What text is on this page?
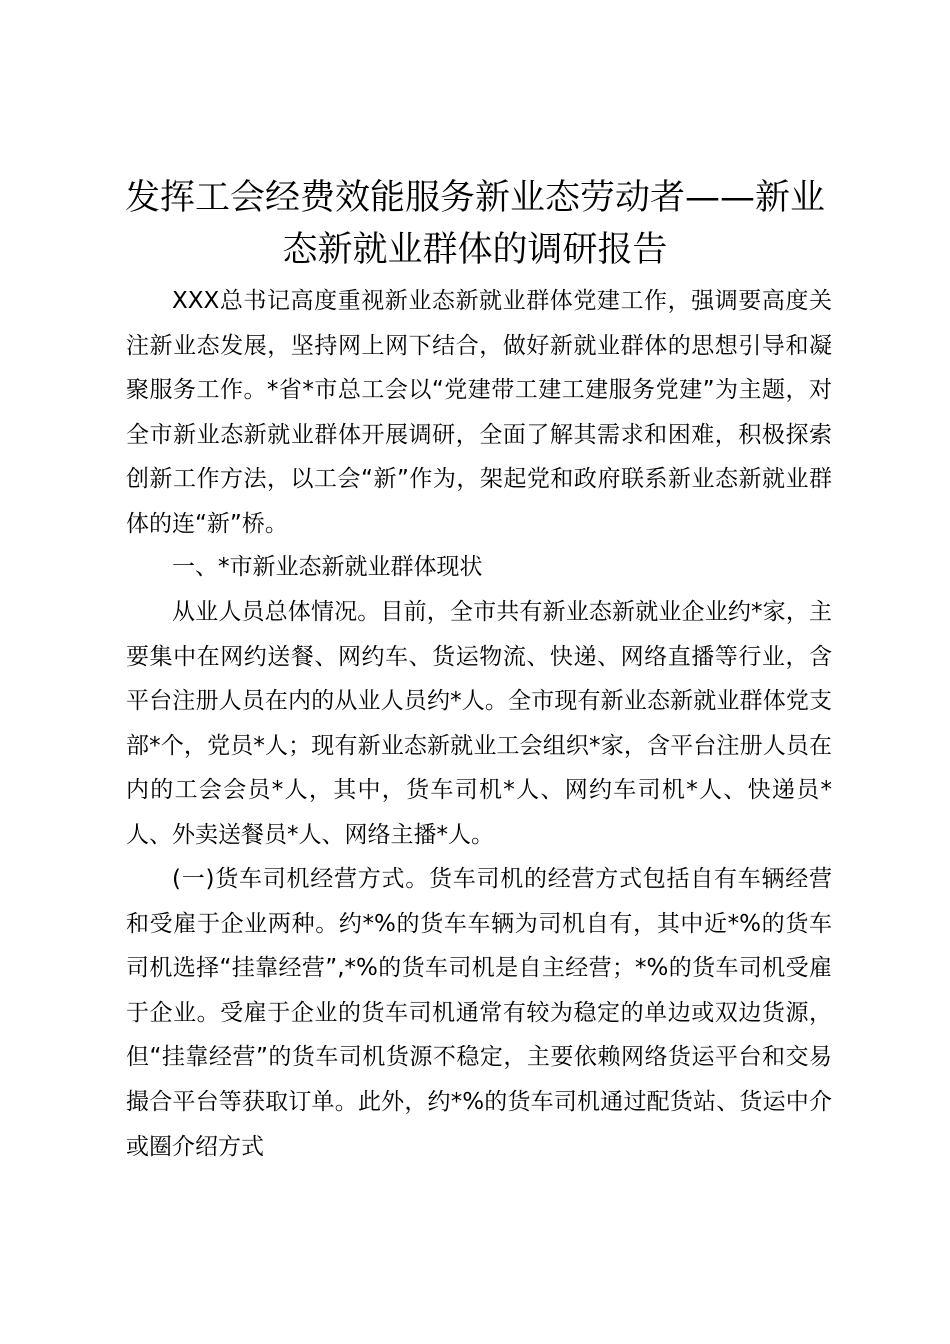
发挥工会经费效能服务新业态劳动者——新业态新就业群体的调研报告

XXX总书记高度重视新业态新就业群体党建工作，强调要高度关注新业态发展，坚持网上网下结合，做好新就业群体的思想引导和凝聚服务工作。*省*市总工会以“党建带工建工建服务党建”为主题，对全市新业态新就业群体开展调研，全面了解其需求和困难，积极探索创新工作方法，以工会“新”作为，架起党和政府联系新业态新就业群体的连“新”桥。

一、*市新业态新就业群体现状

从业人员总体情况。目前，全市共有新业态新就业企业约*家，主要集中在网约送餐、网约车、货运物流、快递、网络直播等行业，含平台注册人员在内的从业人员约*人。全市现有新业态新就业群体党支部*个，党员*人；现有新业态新就业工会组织*家，含平台注册人员在内的工会会员*人，其中，货车司机*人、网约车司机*人、快递员*人、外卖送餐员*人、网络主播*人。

(一)货车司机经营方式。货车司机的经营方式包括自有车辆经营和受雇于企业两种。约*%的货车车辆为司机自有，其中近*%的货车司机选择“挂靠经营”,*%的货车司机是自主经营；*%的货车司机受雇于企业。受雇于企业的货车司机通常有较为稳定的单边或双边货源，但“挂靠经营”的货车司机货源不稳定，主要依赖网络货运平台和交易撮合平台等获取订单。此外，约*%的货车司机通过配货站、货运中介或圈介绍方式
